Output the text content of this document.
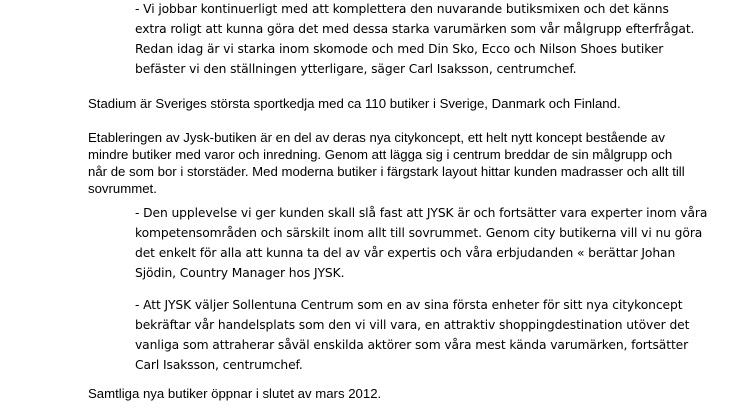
- Vi jobbar kontinuerligt med att komplettera den nuvarande butiksmixen och det känns
extra roligt att kunna göra det med dessa starka varumärken som vår målgrupp efterfrågat.
Redan idag är vi starka inom skomode och med Din Sko, Ecco och Nilson Shoes butiker
befäster vi den ställningen ytterligare, säger Carl Isaksson, centrumchef.
Stadium är Sveriges största sportkedja med ca 110 butiker i Sverige, Danmark och Finland.
Etableringen av Jysk-butiken är en del av deras nya citykoncept, ett helt nytt koncept bestående av
mindre butiker med varor och inredning. Genom att lägga sig i centrum breddar de sin målgrupp och
når de som bor i storstäder. Med moderna butiker i färgstark layout hittar kunden madrasser och allt till
sovrummet.
- Den upplevelse vi ger kunden skall slå fast att JYSK är och fortsätter vara experter inom våra
kompetensområden och särskilt inom allt till sovrummet. Genom city butikerna vill vi nu göra
det enkelt för alla att kunna ta del av vår expertis och våra erbjudanden « berättar Johan
Sjödin, Country Manager hos JYSK.
- Att JYSK väljer Sollentuna Centrum som en av sina första enheter för sitt nya citykoncept
bekräftar vår handelsplats som den vi vill vara, en attraktiv shoppingdestination utöver det
vanliga som attraherar såväl enskilda aktörer som våra mest kända varumärken, fortsätter
Carl Isaksson, centrumchef.
Samtliga nya butiker öppnar i slutet av mars 2012.
